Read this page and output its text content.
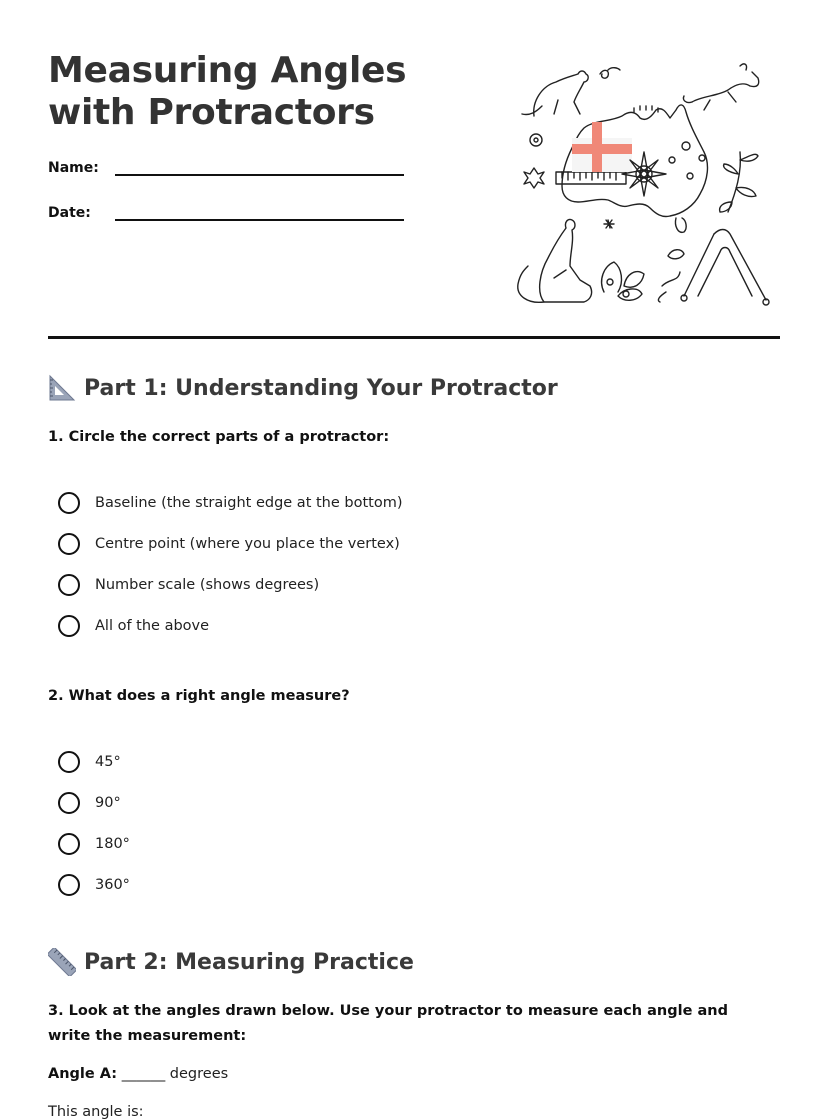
Measuring Angles with Protractors
Name:
Date:
Part 1: Understanding Your Protractor
1. Circle the correct parts of a protractor:
Baseline (the straight edge at the bottom)
Centre point (where you place the vertex)
Number scale (shows degrees)
All of the above
2. What does a right angle measure?
45°
90°
180°
360°
Part 2: Measuring Practice
3. Look at the angles drawn below. Use your protractor to measure each angle and write the measurement:
Angle A: ______ degrees
This angle is:
